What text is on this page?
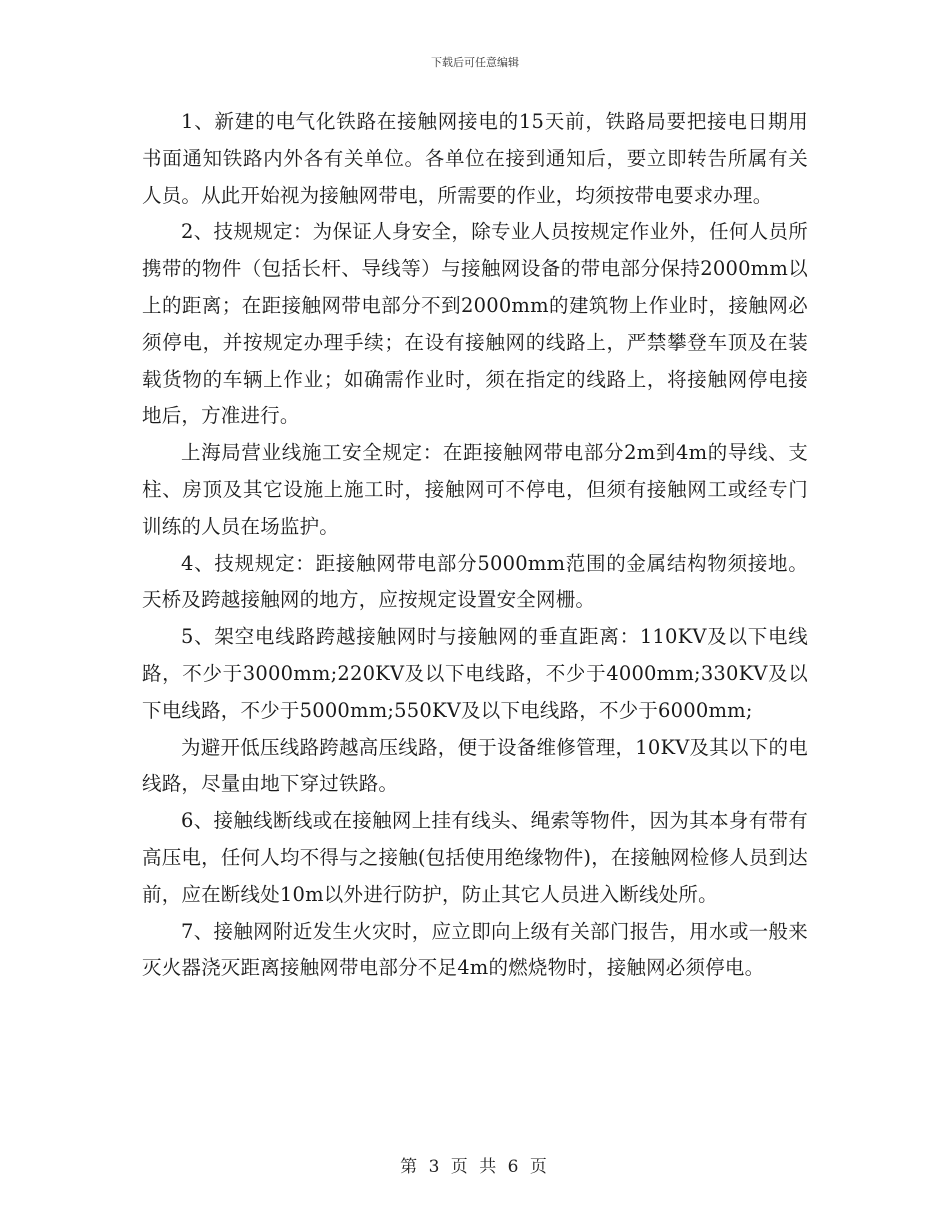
下载后可任意编辑

1、新建的电气化铁路在接触网接电的15天前，铁路局要把接电日期用书面通知铁路内外各有关单位。各单位在接到通知后，要立即转告所属有关人员。从此开始视为接触网带电，所需要的作业，均须按带电要求办理。

2、技规规定：为保证人身安全，除专业人员按规定作业外，任何人员所携带的物件（包括长杆、导线等）与接触网设备的带电部分保持2000mm以上的距离；在距接触网带电部分不到2000mm的建筑物上作业时，接触网必须停电，并按规定办理手续；在设有接触网的线路上，严禁攀登车顶及在装载货物的车辆上作业；如确需作业时，须在指定的线路上，将接触网停电接地后，方准进行。

上海局营业线施工安全规定：在距接触网带电部分2m到4m的导线、支柱、房顶及其它设施上施工时，接触网可不停电，但须有接触网工或经专门训练的人员在场监护。

4、技规规定：距接触网带电部分5000mm范围的金属结构物须接地。天桥及跨越接触网的地方，应按规定设置安全网栅。

5、架空电线路跨越接触网时与接触网的垂直距离：110KV及以下电线路，不少于3000mm;220KV及以下电线路，不少于4000mm;330KV及以下电线路，不少于5000mm;550KV及以下电线路，不少于6000mm;

为避开低压线路跨越高压线路，便于设备维修管理，10KV及其以下的电线路，尽量由地下穿过铁路。

6、接触线断线或在接触网上挂有线头、绳索等物件，因为其本身有带有高压电，任何人均不得与之接触(包括使用绝缘物件)，在接触网检修人员到达前，应在断线处10m以外进行防护，防止其它人员进入断线处所。

7、接触网附近发生火灾时，应立即向上级有关部门报告，用水或一般来灭火器浇灭距离接触网带电部分不足4m的燃烧物时，接触网必须停电。

第 3 页 共 6 页
